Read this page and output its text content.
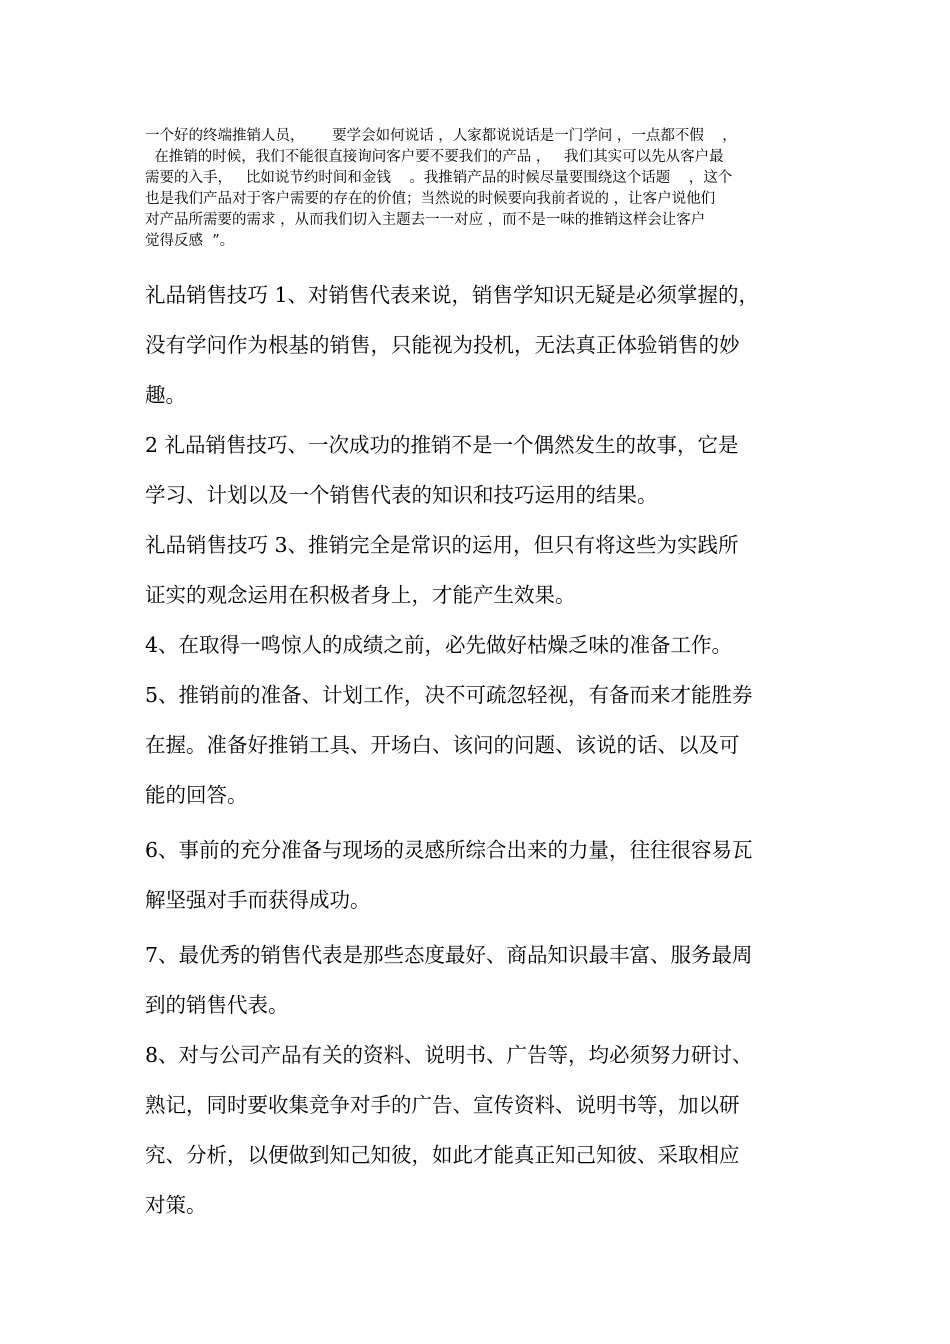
一个好的终端推销人员，      要学会如何说话 ，人家都说说话是一门学问 ，一点都不假    ，
在推销的时候，我们不能很直接询问客户要不要我们的产品 ，   我们其实可以先从客户最
需要的入手，   比如说节约时间和金钱    。我推销产品的时候尽量要围绕这个话题    ，这个
也是我们产品对于客户需要的存在的价值；当然说的时候要向我前者说的 ，让客户说他们
对产品所需要的需求 ，从而我们切入主题去一一对应 ，而不是一味的推销这样会让客户
觉得反感  ”。
礼品销售技巧 1、对销售代表来说，销售学知识无疑是必须掌握的，
没有学问作为根基的销售，只能视为投机，无法真正体验销售的妙
趣。
2 礼品销售技巧、一次成功的推销不是一个偶然发生的故事，它是
学习、计划以及一个销售代表的知识和技巧运用的结果。
礼品销售技巧 3、推销完全是常识的运用，但只有将这些为实践所
证实的观念运用在积极者身上，才能产生效果。
4、在取得一鸣惊人的成绩之前，必先做好枯燥乏味的准备工作。
5、推销前的准备、计划工作，决不可疏忽轻视，有备而来才能胜券
在握。准备好推销工具、开场白、该问的问题、该说的话、以及可
能的回答。
6、事前的充分准备与现场的灵感所综合出来的力量，往往很容易瓦
解坚强对手而获得成功。
7、最优秀的销售代表是那些态度最好、商品知识最丰富、服务最周
到的销售代表。
8、对与公司产品有关的资料、说明书、广告等，均必须努力研讨、
熟记，同时要收集竞争对手的广告、宣传资料、说明书等，加以研
究、分析，以便做到知己知彼，如此才能真正知己知彼、采取相应
对策。
